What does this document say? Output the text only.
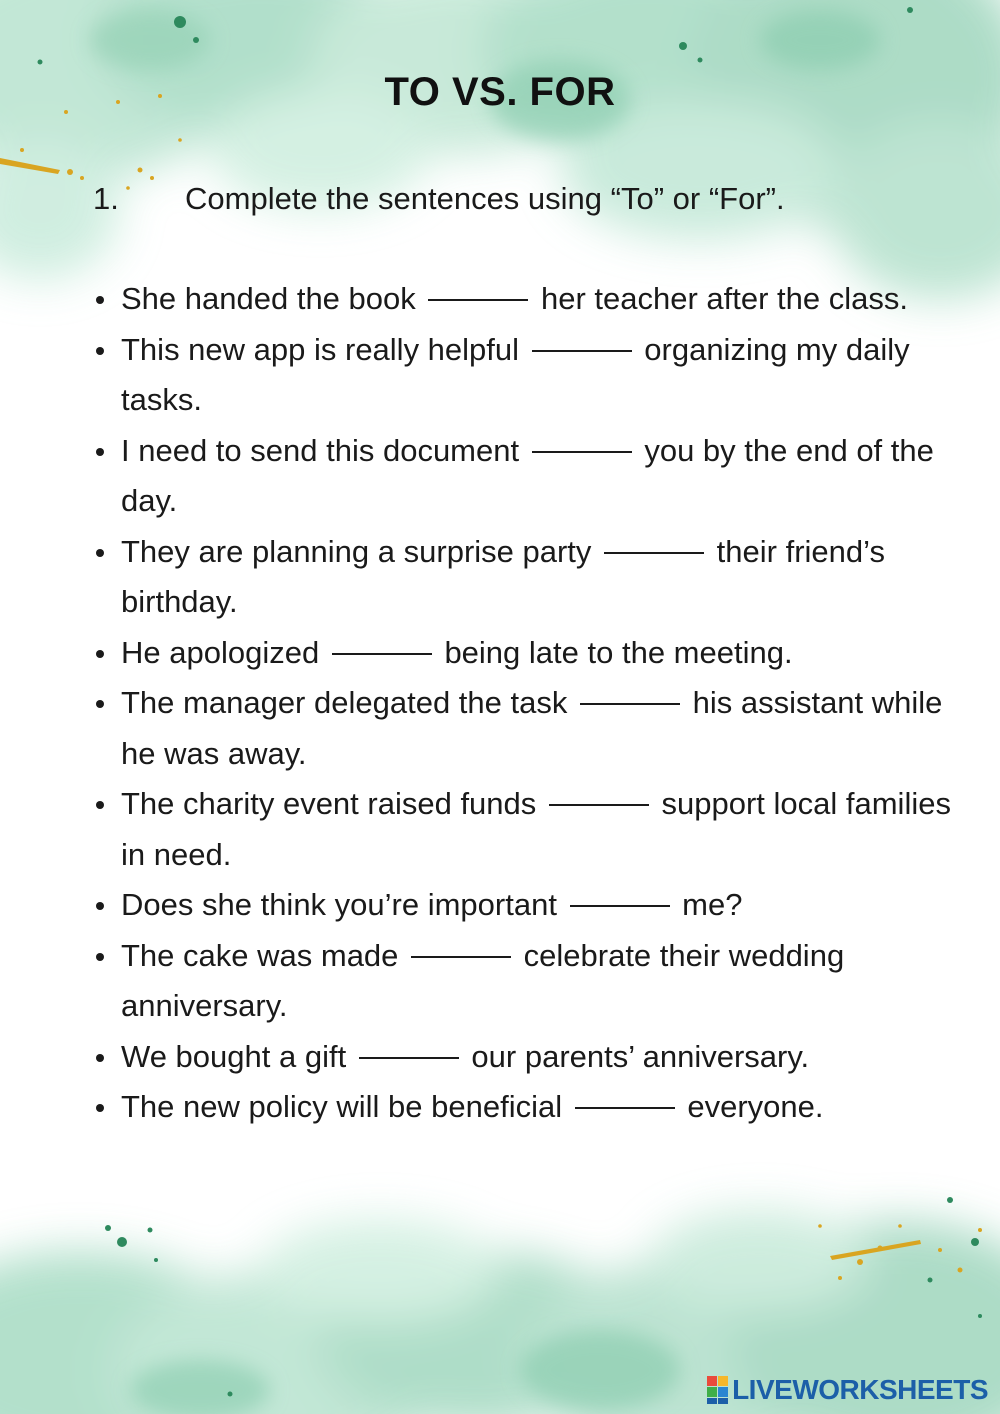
TO VS. FOR
1.	Complete the sentences using “To” or “For”.
She handed the book	her teacher after the class.
This new app is really helpful	organizing my daily tasks.
I need to send this document	you by the end of the day.
They are planning a surprise party	their friend’s birthday.
He apologized	being late to the meeting.
The manager delegated the task	his assistant while he was away.
The charity event raised funds	support local families in need.
Does she think you’re important	me?
The cake was made	celebrate their wedding anniversary.
We bought a gift	our parents’ anniversary.
The new policy will be beneficial	everyone.
LIVEWORKSHEETS
